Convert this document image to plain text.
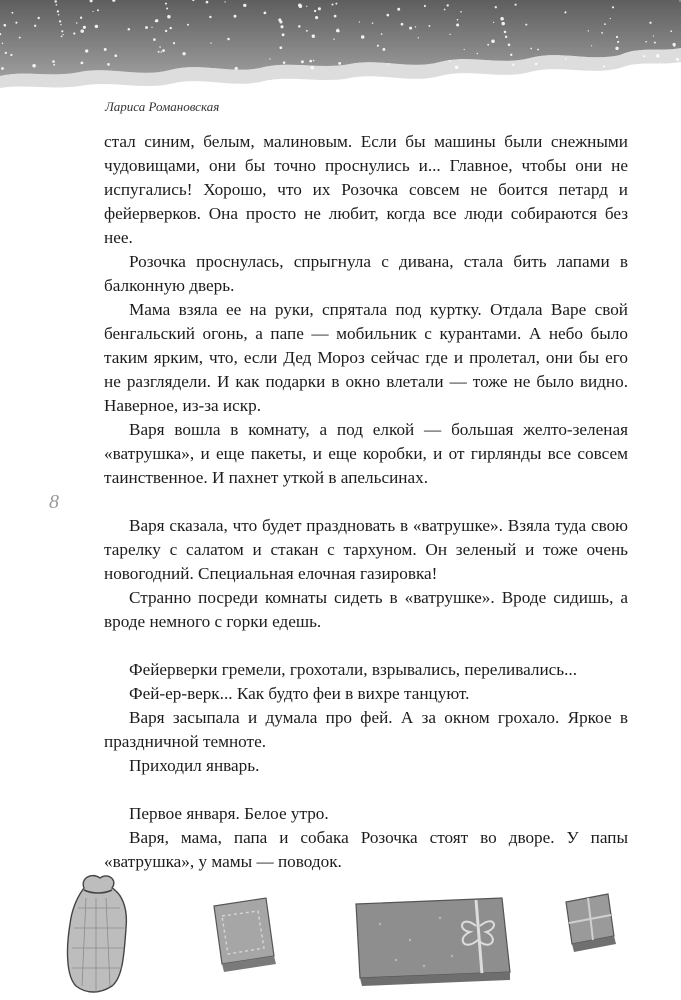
Лариса Романовская
8

стал синим, белым, малиновым. Если бы машины были снежными чудовищами, они бы точно проснулись и... Главное, чтобы они не испугались! Хорошо, что их Розочка совсем не боится петард и фейерверков. Она просто не любит, когда все люди собираются без нее.

Розочка проснулась, спрыгнула с дивана, стала бить лапами в балконную дверь.

Мама взяла ее на руки, спрятала под куртку. Отдала Варе свой бенгальский огонь, а папе — мобильник с курантами. А небо было таким ярким, что, если Дед Мороз сейчас где и пролетал, они бы его не разглядели. И как подарки в окно влетали — тоже не было видно. Наверное, из-за искр.

Варя вошла в комнату, а под елкой — большая желто-зеленая «ватрушка», и еще пакеты, и еще коробки, и от гирлянды все совсем таинственное. И пахнет уткой в апельсинах.

Варя сказала, что будет праздновать в «ватрушке». Взяла туда свою тарелку с салатом и стакан с тархуном. Он зеленый и тоже очень новогодний. Специальная елочная газировка!

Странно посреди комнаты сидеть в «ватрушке». Вроде сидишь, а вроде немного с горки едешь.

Фейерверки гремели, грохотали, взрывались, переливались...

Фей-ер-верк... Как будто феи в вихре танцуют.

Варя засыпала и думала про фей. А за окном грохало. Яркое в праздничной темноте.

Приходил январь.

Первое января. Белое утро.

Варя, мама, папа и собака Розочка стоят во дворе. У папы «ватрушка», у мамы — поводок.
